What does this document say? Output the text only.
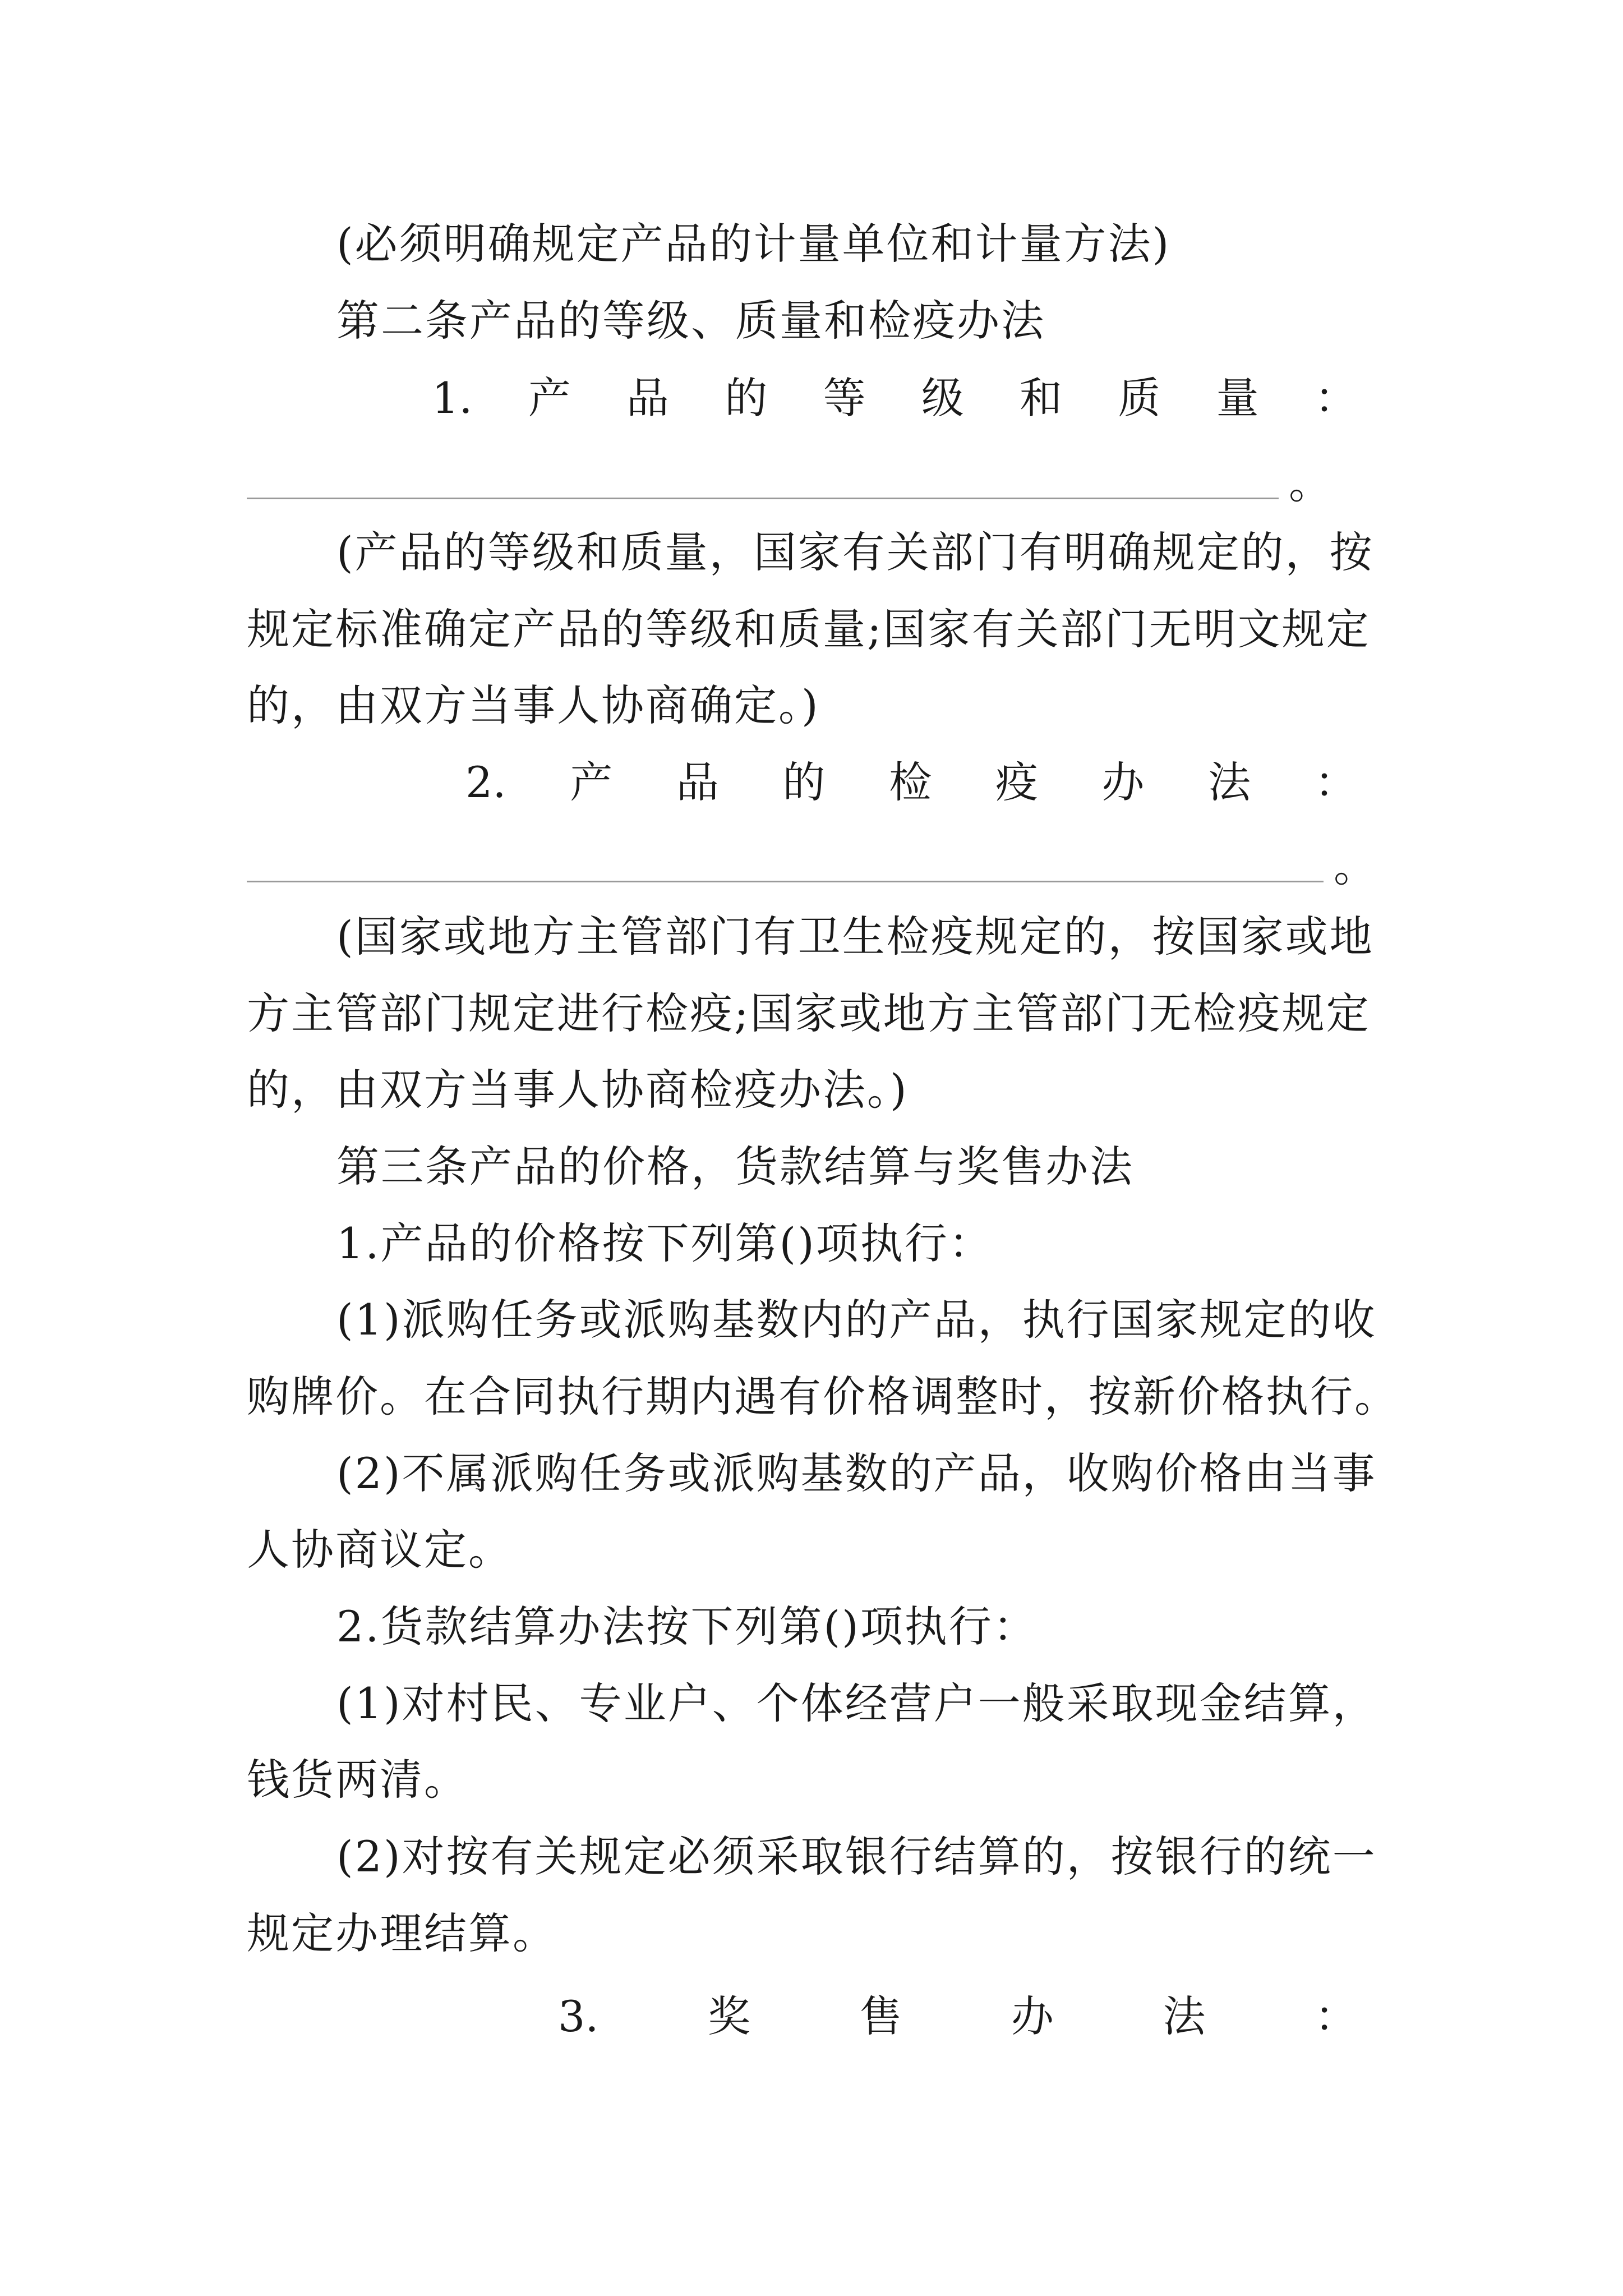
(必须明确规定产品的计量单位和计量方法)
第二条产品的等级、质量和检疫办法
1. 产 品 的 等 级 和 质 量 ：
。
(产品的等级和质量，国家有关部门有明确规定的，按
规定标准确定产品的等级和质量;国家有关部门无明文规定
的，由双方当事人协商确定。)
2. 产 品 的 检 疫 办 法 ：
。
(国家或地方主管部门有卫生检疫规定的，按国家或地
方主管部门规定进行检疫;国家或地方主管部门无检疫规定
的，由双方当事人协商检疫办法。)
第三条产品的价格，货款结算与奖售办法
1.产品的价格按下列第()项执行：
(1)派购任务或派购基数内的产品，执行国家规定的收
购牌价。在合同执行期内遇有价格调整时，按新价格执行。
(2)不属派购任务或派购基数的产品，收购价格由当事
人协商议定。
2.货款结算办法按下列第()项执行：
(1)对村民、专业户、个体经营户一般采取现金结算，
钱货两清。
(2)对按有关规定必须采取银行结算的，按银行的统一
规定办理结算。
3.	奖	售	办	法	：
